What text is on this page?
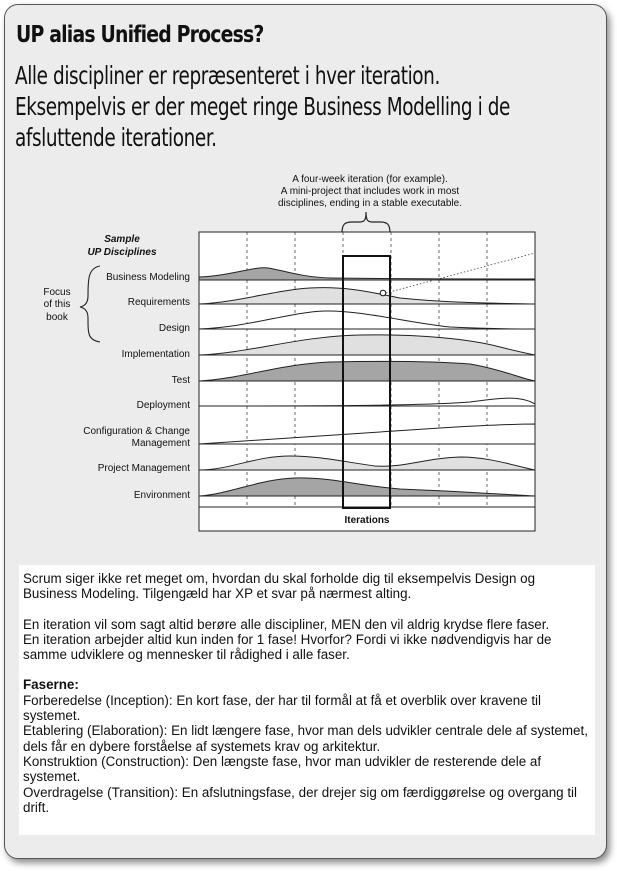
UP alias Unified Process?
Alle discipliner er repræsenteret i hver iteration.
Eksempelvis er der meget ringe Business Modelling i de
afsluttende iterationer.
A four-week iteration (for example).
A mini-project that includes work in most
disciplines, ending in a stable executable.
Sample
UP Disciplines
Focus
of this
book
Business Modeling
Requirements
Design
Implementation
Test
Deployment
Configuration & Change
Management
Project Management
Environment
Iterations

Scrum siger ikke ret meget om, hvordan du skal forholde dig til eksempelvis Design og

Business Modeling. Tilgengæld har XP et svar på nærmest alting.

En iteration vil som sagt altid berøre alle discipliner, MEN den vil aldrig krydse flere faser.

En iteration arbejder altid kun inden for 1 fase! Hvorfor? Fordi vi ikke nødvendigvis har de

samme udviklere og mennesker til rådighed i alle faser.

Faserne:

Forberedelse (Inception): En kort fase, der har til formål at få et overblik over kravene til

systemet.

Etablering (Elaboration): En lidt længere fase, hvor man dels udvikler centrale dele af systemet,

dels får en dybere forståelse af systemets krav og arkitektur.

Konstruktion (Construction): Den længste fase, hvor man udvikler de resterende dele af

systemet.

Overdragelse (Transition): En afslutningsfase, der drejer sig om færdiggørelse og overgang til

drift.
